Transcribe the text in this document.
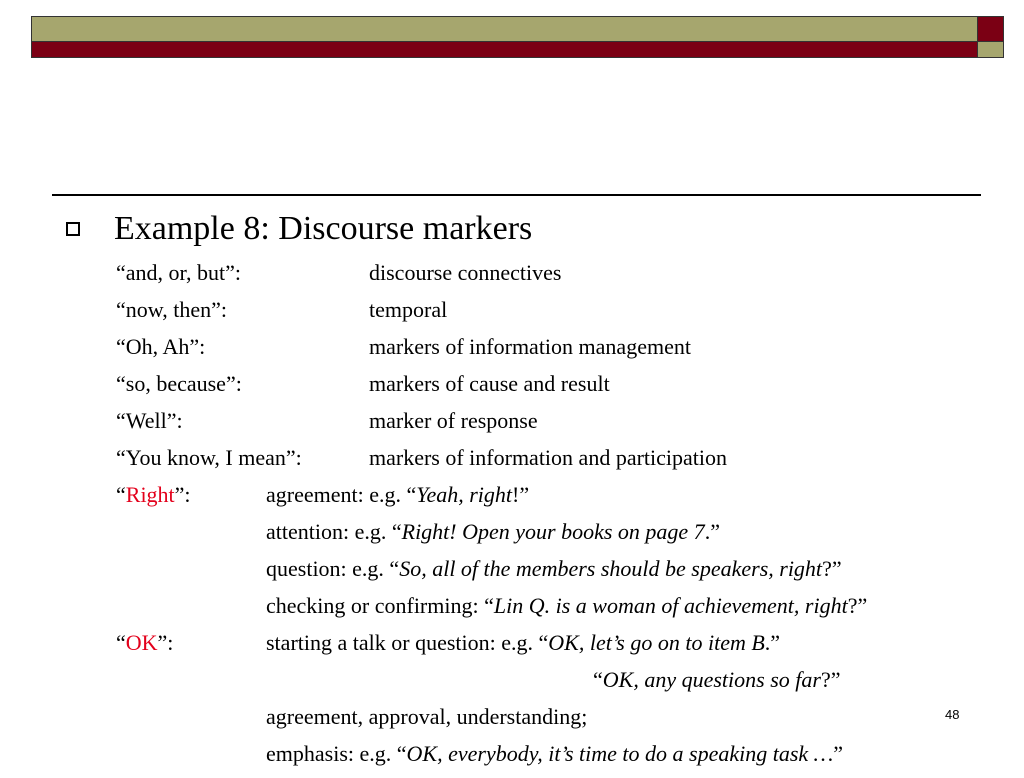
Example 8: Discourse markers
“and, or, but”:	discourse connectives
“now, then”:	temporal
“Oh, Ah”:	markers of information management
“so, because”:	markers of cause and result
“Well”:	marker of response
“You know, I mean”:	markers of information and participation
“Right”:	agreement: e.g. “Yeah, right!”
attention: e.g. “Right! Open your books on page 7.”
question: e.g. “So, all of the members should be speakers, right?”
checking or confirming: “Lin Q. is a woman of achievement, right?”
“OK”:	starting a talk or question: e.g. “OK, let’s go on to item B.”
“OK, any questions so far?”
agreement, approval, understanding;
emphasis: e.g. “OK, everybody, it’s time to do a speaking task …”
48
